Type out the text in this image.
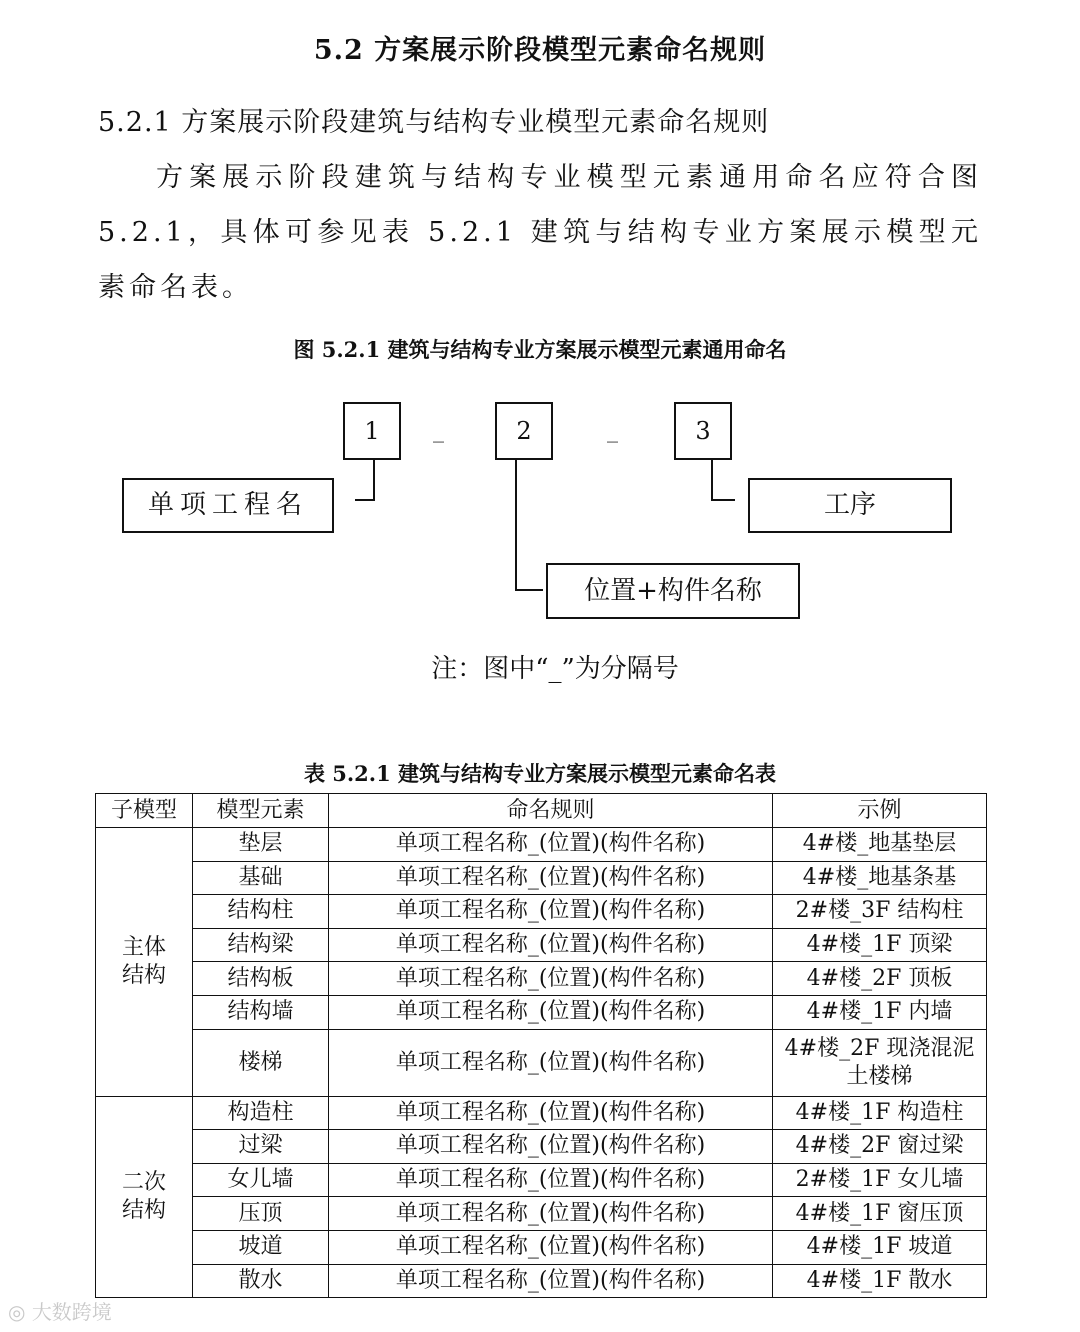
5.2 方案展示阶段模型元素命名规则
5.2.1 方案展示阶段建筑与结构专业模型元素命名规则
方案展示阶段建筑与结构专业模型元素通用命名应符合图 5.2.1，具体可参见表 5.2.1 建筑与结构专业方案展示模型元素命名表。
图 5.2.1 建筑与结构专业方案展示模型元素通用命名
1	_	2	_	3
单项工程名
位置+构件名称
工序
注：图中“_”为分隔号
表 5.2.1 建筑与结构专业方案展示模型元素命名表
子模型	模型元素	命名规则	示例
主体结构	垫层	单项工程名称_(位置)(构件名称)	4#楼_地基垫层
	基础	单项工程名称_(位置)(构件名称)	4#楼_地基条基
	结构柱	单项工程名称_(位置)(构件名称)	2#楼_3F 结构柱
	结构梁	单项工程名称_(位置)(构件名称)	4#楼_1F 顶梁
	结构板	单项工程名称_(位置)(构件名称)	4#楼_2F 顶板
	结构墙	单项工程名称_(位置)(构件名称)	4#楼_1F 内墙
	楼梯	单项工程名称_(位置)(构件名称)	4#楼_2F 现浇混泥土楼梯
二次结构	构造柱	单项工程名称_(位置)(构件名称)	4#楼_1F 构造柱
	过梁	单项工程名称_(位置)(构件名称)	4#楼_2F 窗过梁
	女儿墙	单项工程名称_(位置)(构件名称)	2#楼_1F 女儿墙
	压顶	单项工程名称_(位置)(构件名称)	4#楼_1F 窗压顶
	坡道	单项工程名称_(位置)(构件名称)	4#楼_1F 坡道
	散水	单项工程名称_(位置)(构件名称)	4#楼_1F 散水
◎ 大数跨境
